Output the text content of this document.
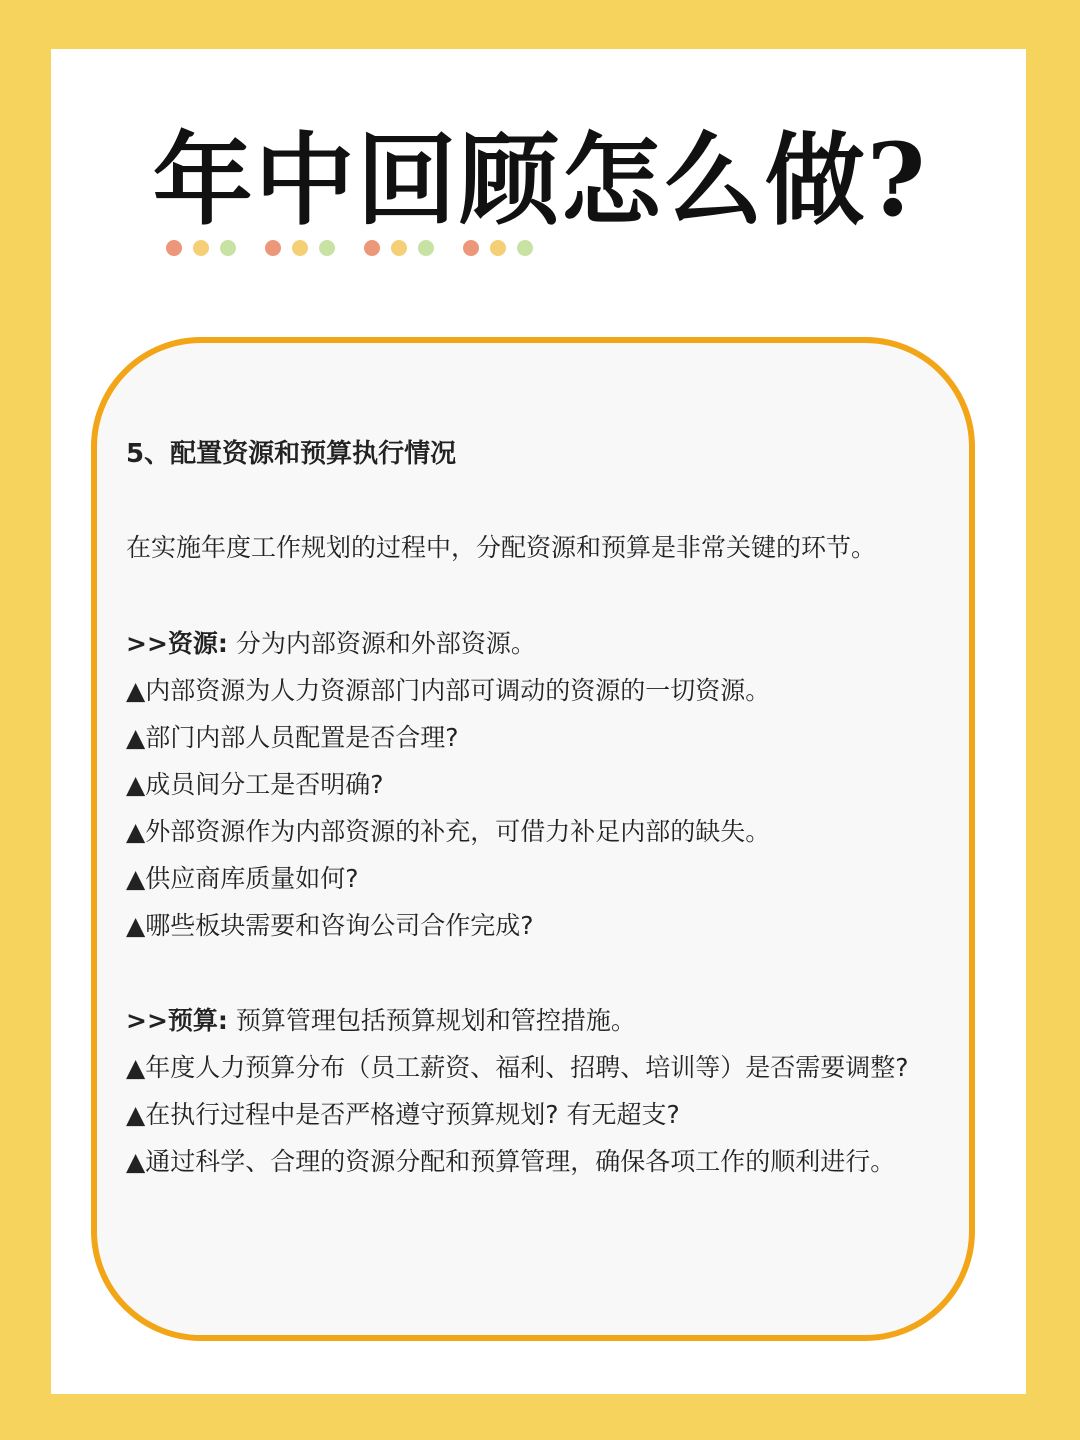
年中回顾怎么做?
5、配置资源和预算执行情况

在实施年度工作规划的过程中，分配资源和预算是非常关键的环节。

>>资源: 分为内部资源和外部资源。
▲内部资源为人力资源部门内部可调动的资源的一切资源。
▲部门内部人员配置是否合理?
▲成员间分工是否明确?
▲外部资源作为内部资源的补充，可借力补足内部的缺失。
▲供应商库质量如何?
▲哪些板块需要和咨询公司合作完成?
>>预算: 预算管理包括预算规划和管控措施。
▲年度人力预算分布（员工薪资、福利、招聘、培训等）是否需要调整?
▲在执行过程中是否严格遵守预算规划? 有无超支?
▲通过科学、合理的资源分配和预算管理，确保各项工作的顺利进行。
